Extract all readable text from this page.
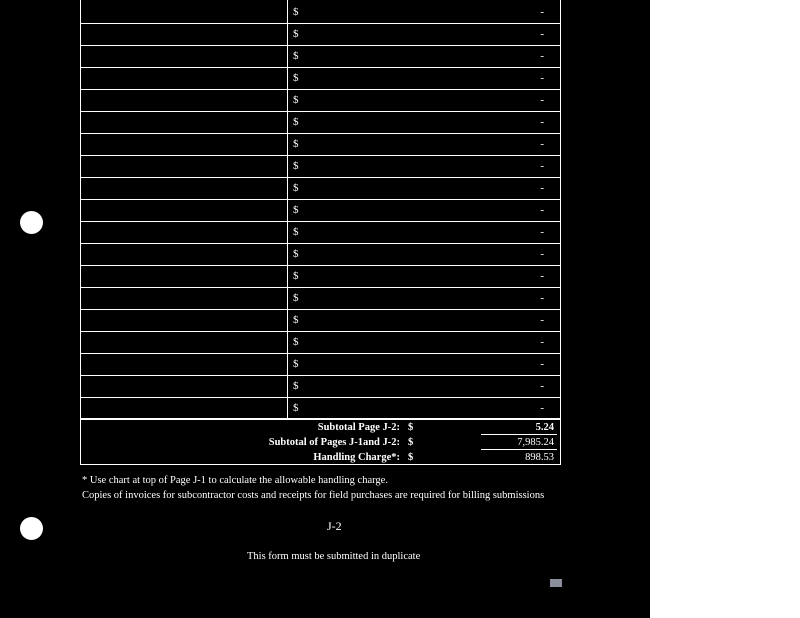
$	-
$	-
$	-
$	-
$	-
$	-
$	-
$	-
$	-
$	-
$	-
$	-
$	-
$	-
$	-
$	-
$	-
$	-
$	-
Subtotal Page J-2: $	5.24
Subtotal of Pages J-1and J-2: $	7,985.24
Handling Charge*: $	898.53
* Use chart at top of Page J-1 to calculate the allowable handling charge.
Copies of invoices for subcontractor costs and receipts for field purchases are required for billing submissions
J-2
This form must be submitted in duplicate
